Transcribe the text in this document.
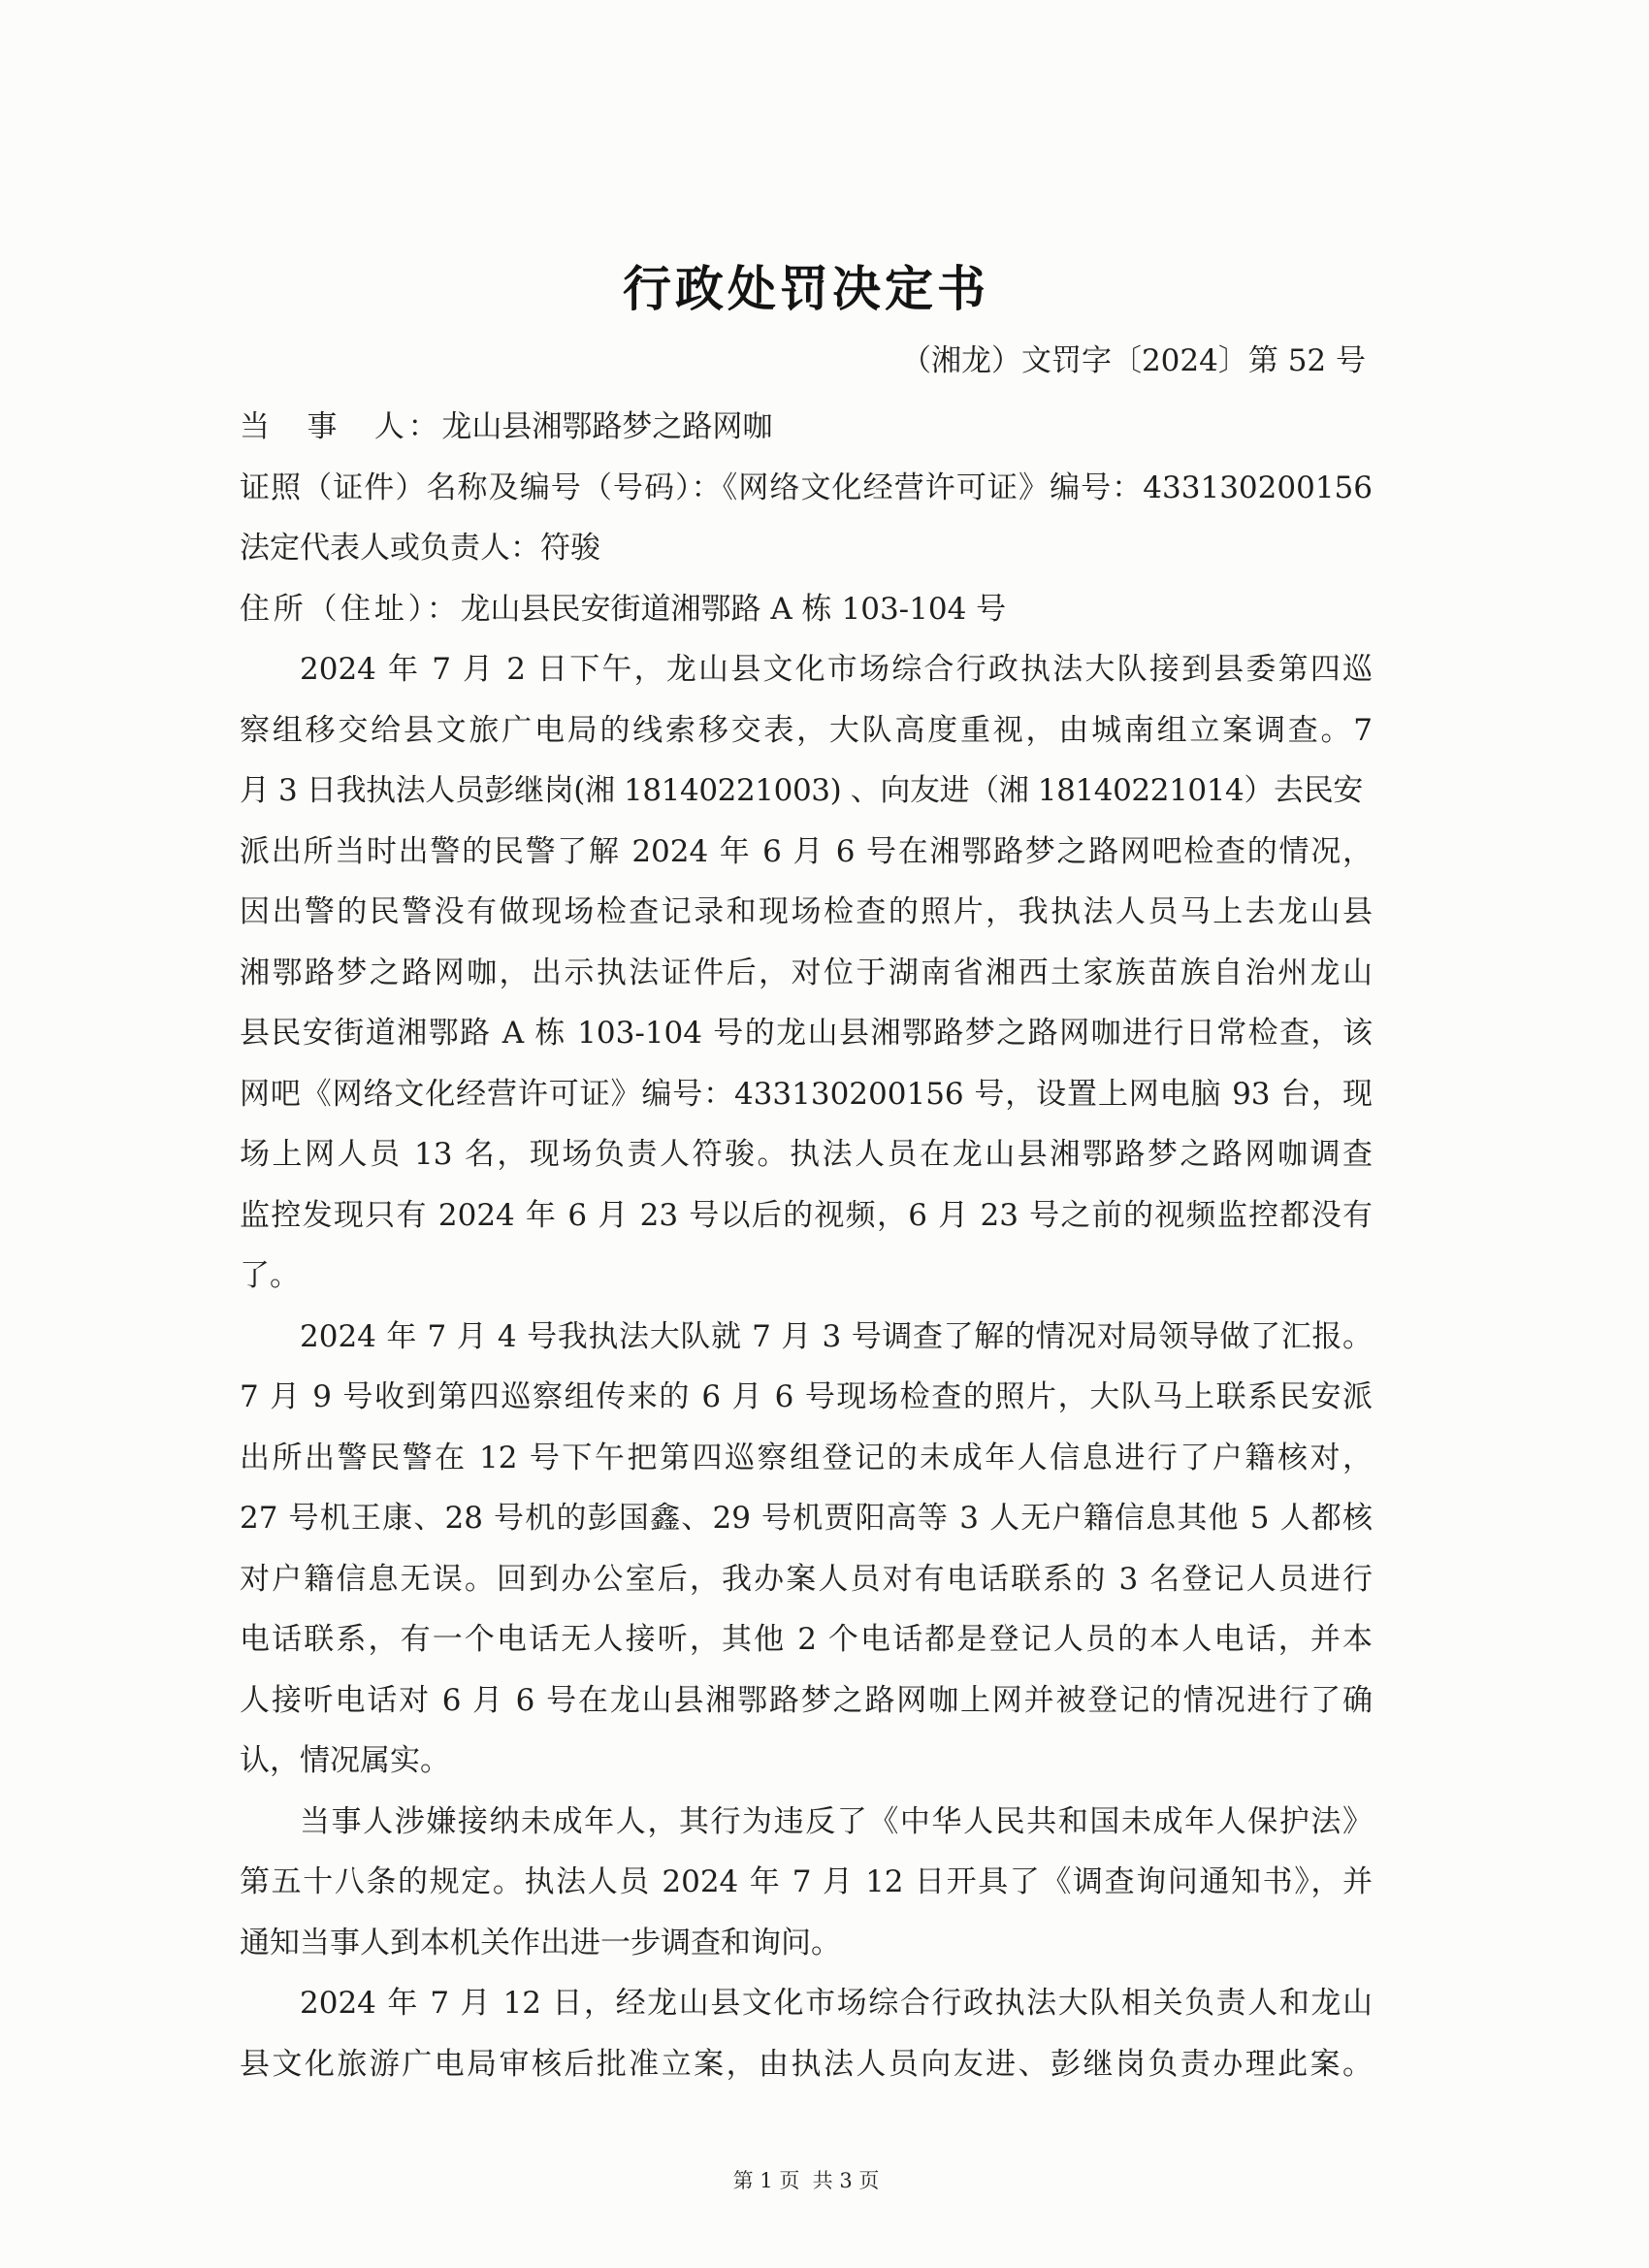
行政处罚决定书
（湘龙）文罚字〔2024〕第 52 号
当　事　人：龙山县湘鄂路梦之路网咖
证照（证件）名称及编号（号码）：《网络文化经营许可证》编号：433130200156
法定代表人或负责人：符骏
住所（住址）：龙山县民安街道湘鄂路 A 栋 103-104 号
2024 年 7 月 2 日下午，龙山县文化市场综合行政执法大队接到县委第四巡
察组移交给县文旅广电局的线索移交表，大队高度重视，由城南组立案调查。7
月 3 日我执法人员彭继岗(湘 18140221003) 、向友进（湘 18140221014）去民安
派出所当时出警的民警了解 2024 年 6 月 6 号在湘鄂路梦之路网吧检查的情况，
因出警的民警没有做现场检查记录和现场检查的照片，我执法人员马上去龙山县
湘鄂路梦之路网咖，出示执法证件后，对位于湖南省湘西土家族苗族自治州龙山
县民安街道湘鄂路 A 栋 103-104 号的龙山县湘鄂路梦之路网咖进行日常检查，该
网吧《网络文化经营许可证》编号：433130200156 号，设置上网电脑 93 台，现
场上网人员 13 名，现场负责人符骏。执法人员在龙山县湘鄂路梦之路网咖调查
监控发现只有 2024 年 6 月 23 号以后的视频，6 月 23 号之前的视频监控都没有
了。
2024 年 7 月 4 号我执法大队就 7 月 3 号调查了解的情况对局领导做了汇报。
7 月 9 号收到第四巡察组传来的 6 月 6 号现场检查的照片，大队马上联系民安派
出所出警民警在 12 号下午把第四巡察组登记的未成年人信息进行了户籍核对，
27 号机王康、28 号机的彭国鑫、29 号机贾阳高等 3 人无户籍信息其他 5 人都核
对户籍信息无误。回到办公室后，我办案人员对有电话联系的 3 名登记人员进行
电话联系，有一个电话无人接听，其他 2 个电话都是登记人员的本人电话，并本
人接听电话对 6 月 6 号在龙山县湘鄂路梦之路网咖上网并被登记的情况进行了确
认，情况属实。
当事人涉嫌接纳未成年人，其行为违反了《中华人民共和国未成年人保护法》
第五十八条的规定。执法人员 2024 年 7 月 12 日开具了《调查询问通知书》，并
通知当事人到本机关作出进一步调查和询问。
2024 年 7 月 12 日，经龙山县文化市场综合行政执法大队相关负责人和龙山
县文化旅游广电局审核后批准立案，由执法人员向友进、彭继岗负责办理此案。
第 1 页  共 3 页
